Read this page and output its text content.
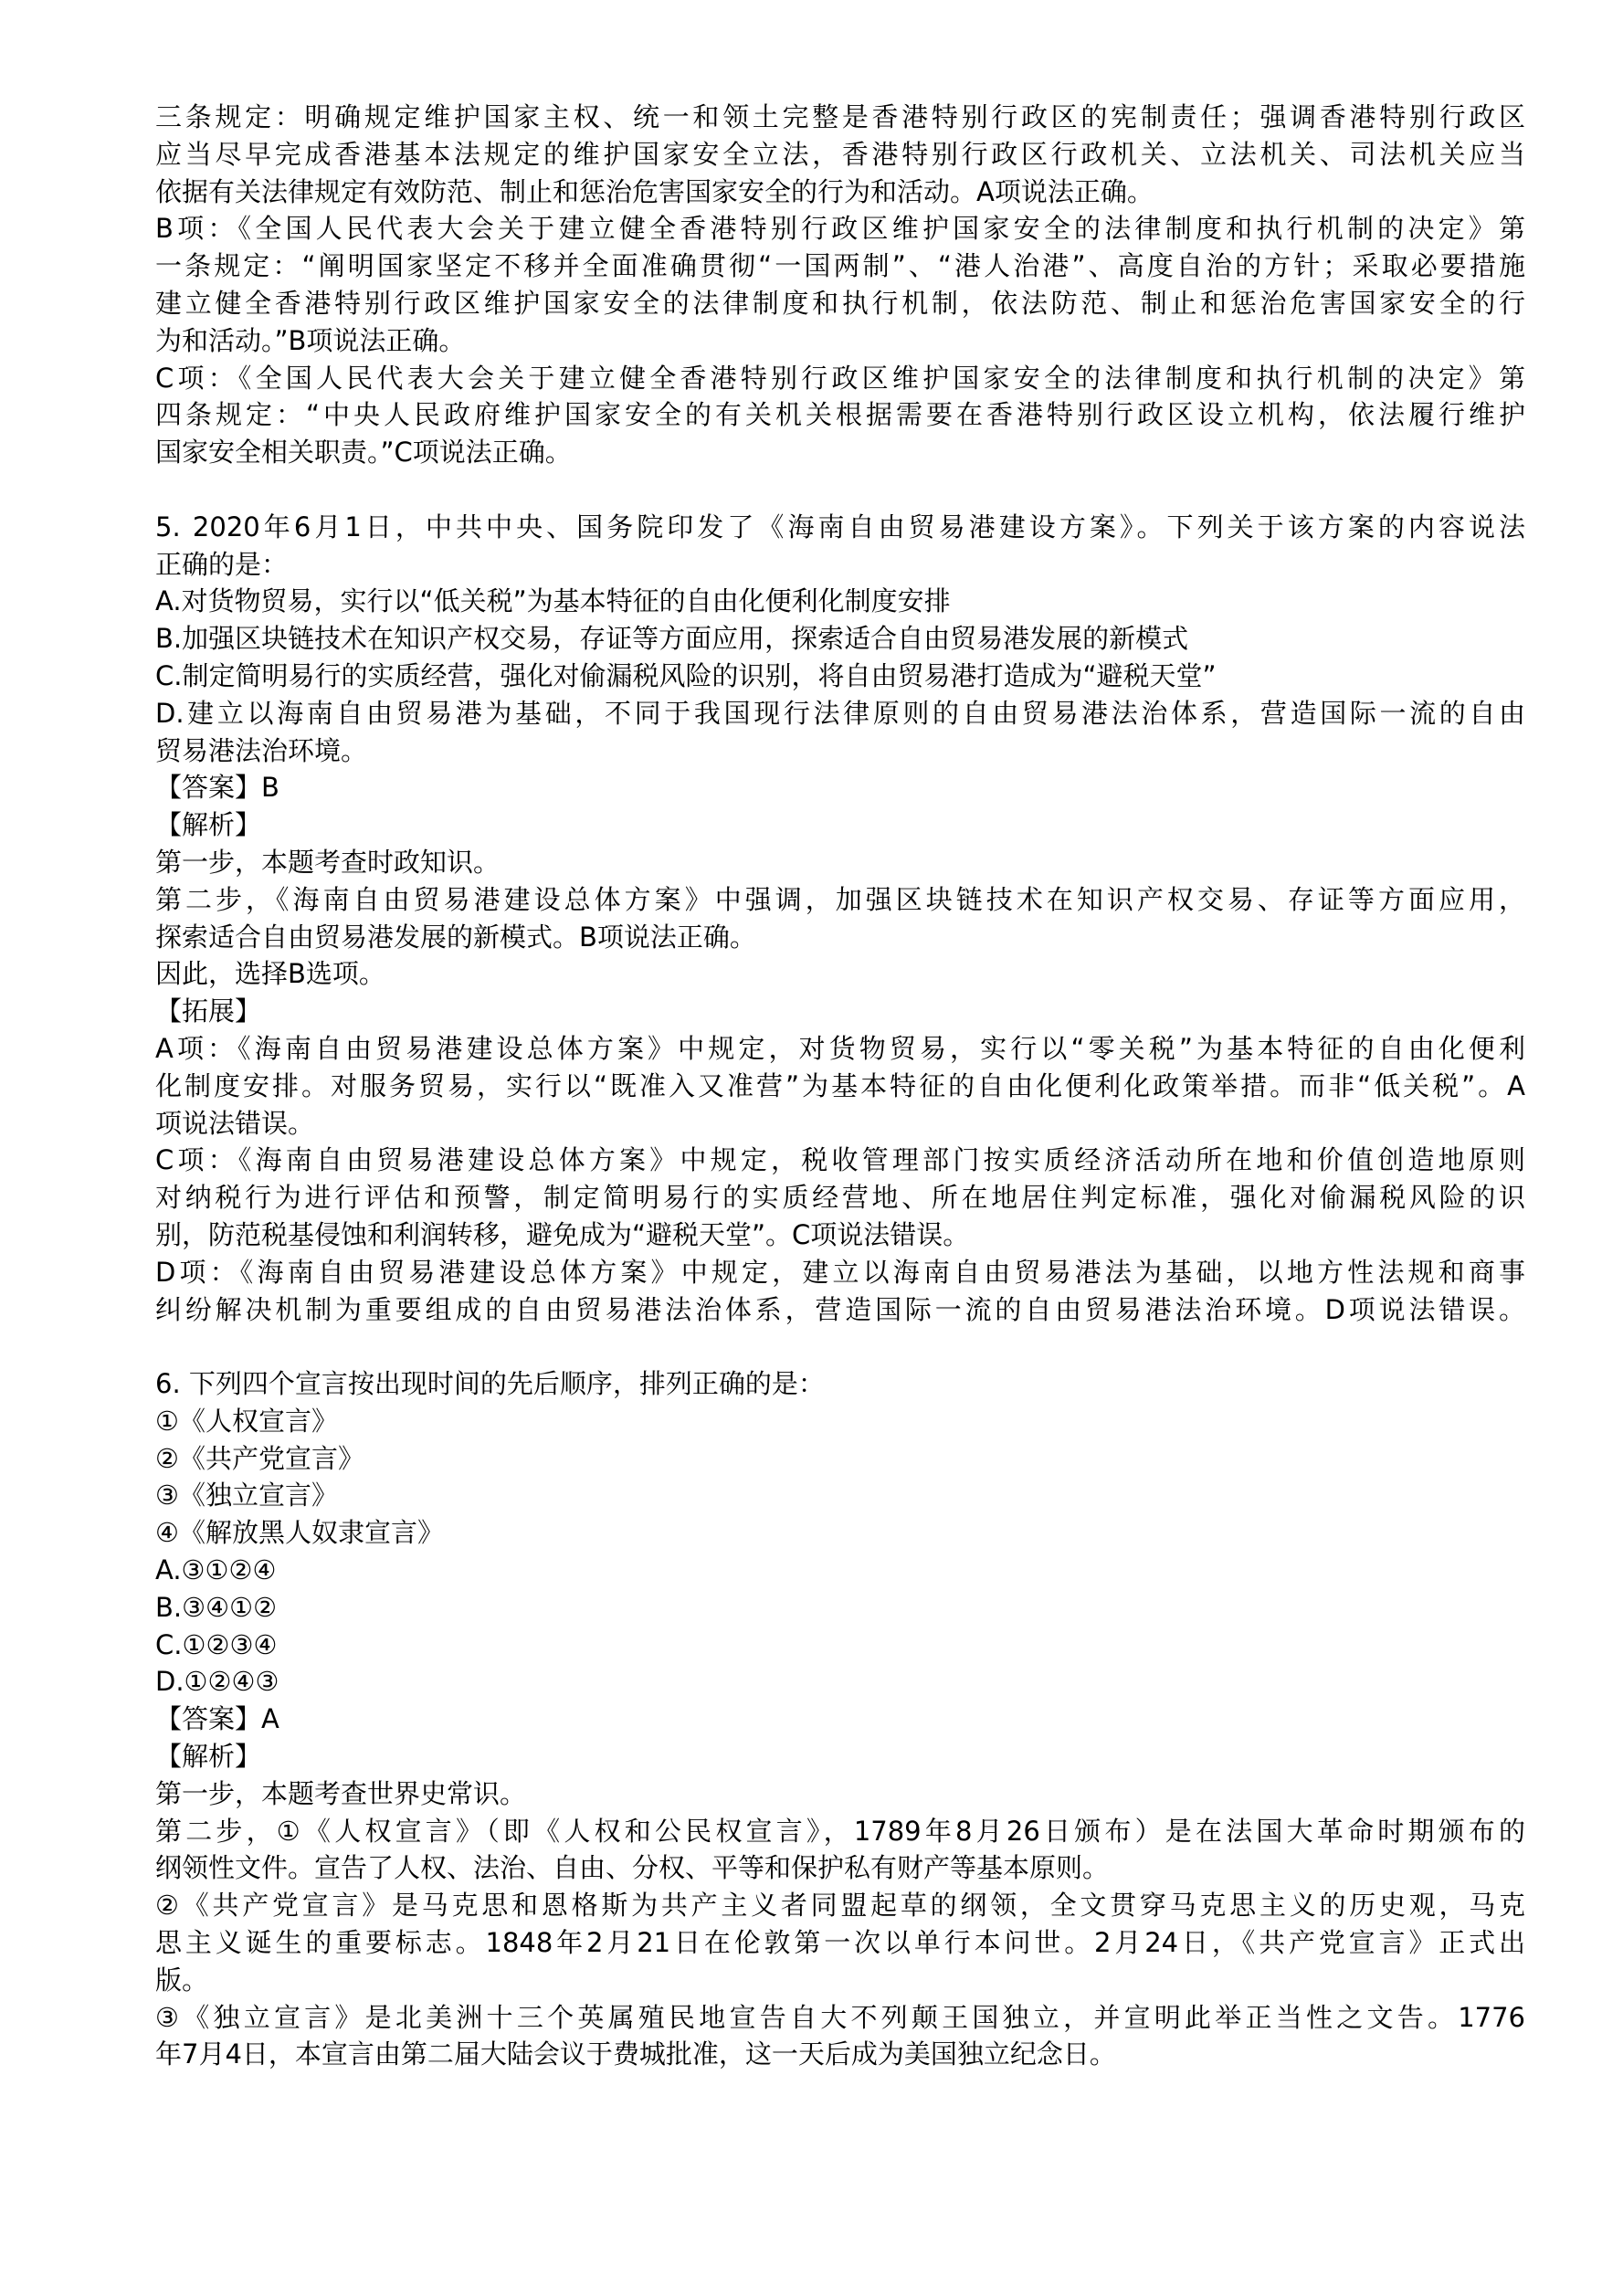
三条规定：明确规定维护国家主权、统一和领土完整是香港特别行政区的宪制责任；强调香港特别行政区
应当尽早完成香港基本法规定的维护国家安全立法，香港特别行政区行政机关、立法机关、司法机关应当
依据有关法律规定有效防范、制止和惩治危害国家安全的行为和活动。A项说法正确。
B项：《全国人民代表大会关于建立健全香港特别行政区维护国家安全的法律制度和执行机制的决定》第
一条规定：“阐明国家坚定不移并全面准确贯彻“一国两制”、“港人治港”、高度自治的方针；采取必要措施
建立健全香港特别行政区维护国家安全的法律制度和执行机制，依法防范、制止和惩治危害国家安全的行
为和活动。”B项说法正确。
C项：《全国人民代表大会关于建立健全香港特别行政区维护国家安全的法律制度和执行机制的决定》第
四条规定：“中央人民政府维护国家安全的有关机关根据需要在香港特别行政区设立机构，依法履行维护
国家安全相关职责。”C项说法正确。
5. 2020年6月1日，中共中央、国务院印发了《海南自由贸易港建设方案》。下列关于该方案的内容说法
正确的是：
A.对货物贸易，实行以“低关税”为基本特征的自由化便利化制度安排
B.加强区块链技术在知识产权交易，存证等方面应用，探索适合自由贸易港发展的新模式
C.制定简明易行的实质经营，强化对偷漏税风险的识别，将自由贸易港打造成为“避税天堂”
D.建立以海南自由贸易港为基础，不同于我国现行法律原则的自由贸易港法治体系，营造国际一流的自由
贸易港法治环境。
【答案】B
【解析】
第一步，本题考查时政知识。
第二步，《海南自由贸易港建设总体方案》中强调，加强区块链技术在知识产权交易、存证等方面应用，
探索适合自由贸易港发展的新模式。B项说法正确。
因此，选择B选项。
【拓展】
A项：《海南自由贸易港建设总体方案》中规定，对货物贸易，实行以“零关税”为基本特征的自由化便利
化制度安排。对服务贸易，实行以“既准入又准营”为基本特征的自由化便利化政策举措。而非“低关税”。A
项说法错误。
C项：《海南自由贸易港建设总体方案》中规定，税收管理部门按实质经济活动所在地和价值创造地原则
对纳税行为进行评估和预警，制定简明易行的实质经营地、所在地居住判定标准，强化对偷漏税风险的识
别，防范税基侵蚀和利润转移，避免成为“避税天堂”。C项说法错误。
D项：《海南自由贸易港建设总体方案》中规定，建立以海南自由贸易港法为基础，以地方性法规和商事
纠纷解决机制为重要组成的自由贸易港法治体系，营造国际一流的自由贸易港法治环境。D项说法错误。
6. 下列四个宣言按出现时间的先后顺序，排列正确的是：
①《人权宣言》
②《共产党宣言》
③《独立宣言》
④《解放黑人奴隶宣言》
A.③①②④
B.③④①②
C.①②③④
D.①②④③
【答案】A
【解析】
第一步，本题考查世界史常识。
第二步，①《人权宣言》（即《人权和公民权宣言》，1789年8月26日颁布）是在法国大革命时期颁布的
纲领性文件。宣告了人权、法治、自由、分权、平等和保护私有财产等基本原则。
②《共产党宣言》是马克思和恩格斯为共产主义者同盟起草的纲领，全文贯穿马克思主义的历史观，马克
思主义诞生的重要标志。1848年2月21日在伦敦第一次以单行本问世。2月24日，《共产党宣言》正式出
版。
③《独立宣言》是北美洲十三个英属殖民地宣告自大不列颠王国独立，并宣明此举正当性之文告。1776
年7月4日，本宣言由第二届大陆会议于费城批准，这一天后成为美国独立纪念日。
